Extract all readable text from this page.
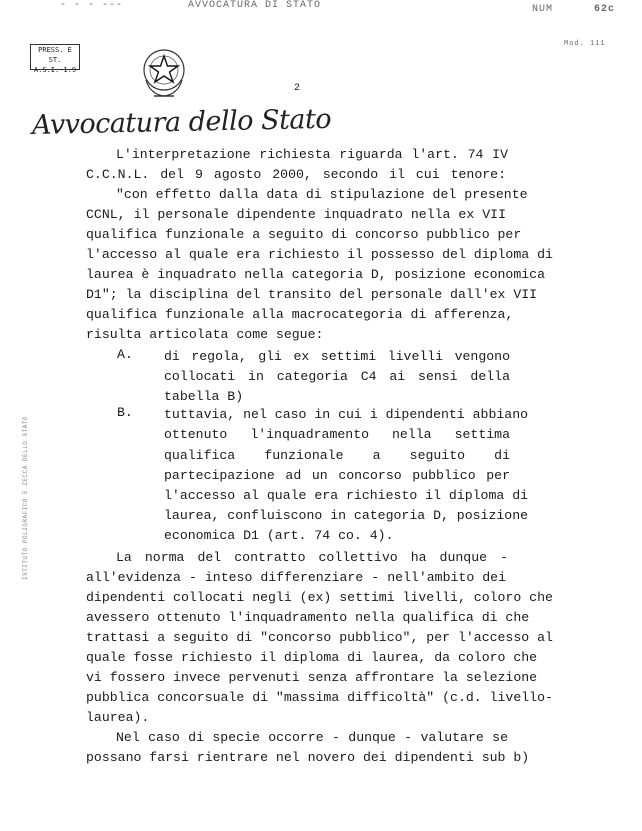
- - - ---	AVVOCATURA DI STATO	NUM	62c
Mod. 111
PRESS. E ST.
A.S.I.-1.9
2
Avvocatura dello Stato
L'interpretazione richiesta riguarda l'art. 74 IV
C.C.N.L. del 9 agosto 2000, secondo il cui tenore:
"con effetto dalla data di stipulazione del presente
CCNL, il personale dipendente inquadrato nella ex VII
qualifica funzionale a seguito di concorso pubblico per
l'accesso al quale era richiesto il possesso del diploma di
laurea è inquadrato nella categoria D, posizione economica
D1"; la disciplina del transito del personale dall'ex VII
qualifica funzionale alla macrocategoria di afferenza,
risulta articolata come segue:
A. di regola, gli ex settimi livelli vengono
collocati in categoria C4 ai sensi della
tabella B)
B. tuttavia, nel caso in cui i dipendenti abbiano
ottenuto l'inquadramento nella settima
qualifica funzionale a seguito di
partecipazione ad un concorso pubblico per
l'accesso al quale era richiesto il diploma di
laurea, confluiscono in categoria D, posizione
economica D1 (art. 74 co. 4).
La norma del contratto collettivo ha dunque -
all'evidenza - inteso differenziare - nell'ambito dei
dipendenti collocati negli (ex) settimi livelli, coloro che
avessero ottenuto l'inquadramento nella qualifica di che
trattasi a seguito di "concorso pubblico", per l'accesso al
quale fosse richiesto il diploma di laurea, da coloro che
vi fossero invece pervenuti senza affrontare la selezione
pubblica concorsuale di "massima difficoltà" (c.d. livello-
laurea).
Nel caso di specie occorre - dunque - valutare se
possano farsi rientrare nel novero dei dipendenti sub b)
ISTITUTO POLIGRAFICO E ZECCA DELLO STATO
